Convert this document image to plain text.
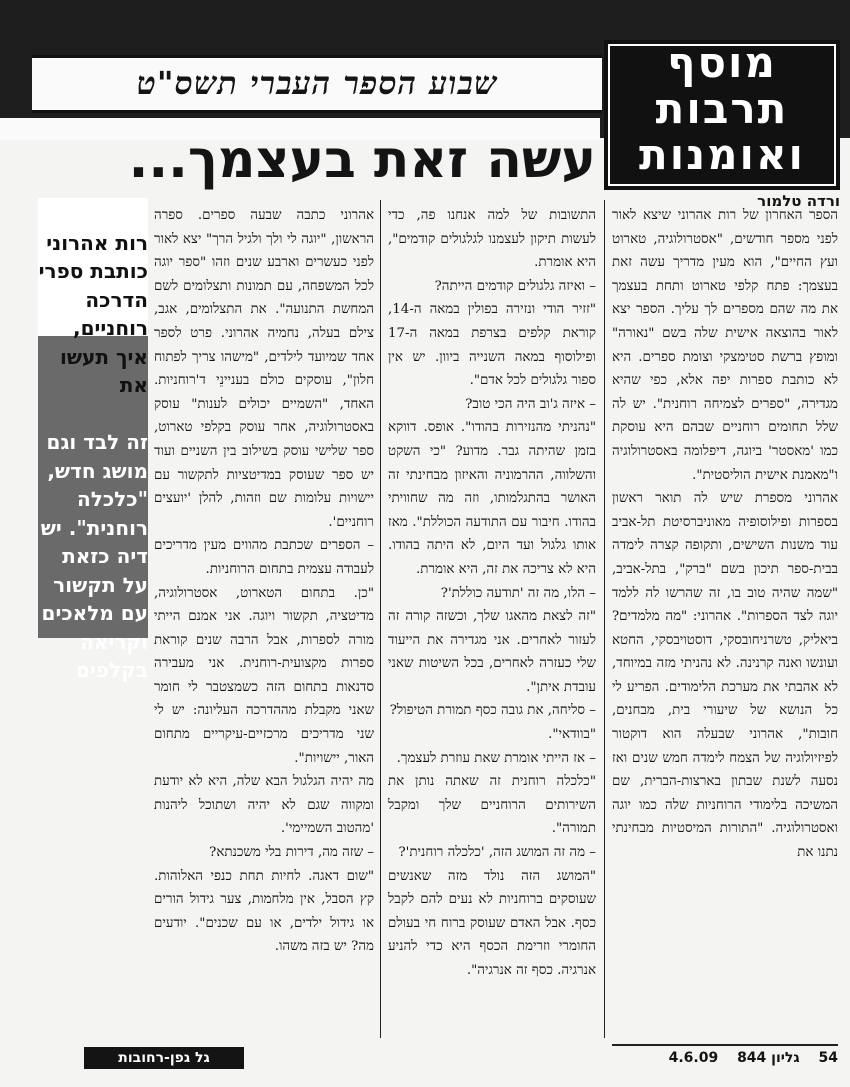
שבוע הספר העברי תשס"ט	מוסף
תרבות
ואומנות
עשה זאת בעצמך...
ורדה טלמור
הספר האחרון של רות אהרוני שיצא לאור לפני מספר חודשים, "אסטרולוגיה, טארוט ועץ החיים", הוא מעין מדריך עשה זאת בעצמך: פתח קלפי טארוט ותחת בעצמך את מה שהם מספרים לך עליך. הספר יצא לאור בהוצאה אישית שלה בשם "נאורה" ומופץ ברשת סטימצקי וצומת ספרים. היא לא כותבת ספרות יפה אלא, כפי שהיא מגדירה, "ספרים לצמיחה רוחנית". יש לה שלל תחומים רוחניים שבהם היא עוסקת כמו 'מאסטר' ביוגה, דיפלומה באסטרולוגיה ו"מאמנת אישית הוליסטית".
אהרוני מספרת שיש לה תואר ראשון בספרות ופילוסופיה מאוניברסיטת תל-אביב עוד משנות השישים, ותקופה קצרה לימדה בבית-ספר תיכון בשם "ברק", בתל-אביב, "שמה שהיה טוב בו, זה שהרשו לה ללמד יוגה לצד הספרות". אהרוני: "מה מלמדים? ביאליק, טשרניחובסקי, דוסטויבסקי, החטא ועונשו ואנה קרנינה. לא נהניתי מזה במיוחד, לא אהבתי את מערכת הלימודים. הפריע לי כל הנושא של שיעורי בית, מבחנים, חובות", אהרוני שבעלה הוא דוקטור לפיזיולוגיה של הצמח לימדה חמש שנים ואז נסעה לשנת שבתון בארצות-הברית, שם המשיכה בלימודי הרוחניות שלה כמו יוגה ואסטרולוגיה. "התורות המיסטיות מבחינתי נתנו את
התשובות של למה אנחנו פה, כדי לעשות תיקון לעצמנו לגלגולים קודמים", היא אומרת.
– ואיזה גלגולים קודמים הייתה?
"זזיר הודי ונזירה בפולין במאה ה-14, קוראת קלפים בצרפת במאה ה-17 ופילוסוף במאה השנייה ביוון. יש אין ספור גלגולים לכל אדם".
– איזה ג'וב היה הכי טוב?
"נהניתי מהנזירות בהודו". אופס. דווקא בזמן שהיתה גבר. מדוע? "כי השקט והשלווה, ההרמוניה והאיזון מבחינתי זה האושר בהתגלמותו, וזה מה שחוויתי בהודו. חיבור עם התודעה הכוללת". מאז אותו גלגול ועד היום, לא היתה בהודו. היא לא צריכה את זה, היא אומרת.
– הלו, מה זה 'תודעה כוללת'?
"זה לצאת מהאגו שלך, וכשזה קורה זה לעזור לאחרים. אני מגדירה את הייעוד שלי כעזרה לאחרים, בכל השיטות שאני עובדת איתן".
– סליחה, את גובה כסף תמורת הטיפול?
"בוודאי".
– אז הייתי אומרת שאת עוזרת לעצמך.
"כלכלה רוחנית זה שאתה נותן את השירותים הרוחניים שלך ומקבל תמורה".
– מה זה המושג הזה, 'כלכלה רוחנית'?
"המושג הזה נולד מזה שאנשים שעוסקים ברוחניות לא נעים להם לקבל כסף. אבל האדם שעוסק ברוח חי בעולם החומרי וזרימת הכסף היא כדי להניע אנרגיה. כסף זה אנרגיה".
אהרוני כתבה שבעה ספרים. ספרה הראשון, "יוגה לי ולך ולגיל הרך" יצא לאור לפני כעשרים וארבע שנים וזהו "ספר יוגה לכל המשפחה, עם תמונות ותצלומים לשם המחשת התנועה". את התצלומים, אגב, צילם בעלה, נחמיה אהרוני. פרט לספר אחד שמיועד לילדים, "מישהו צריך לפתוח חלון", עוסקים כולם בעניינֵי ד'רוחניות. האחד, "השמיים יכולים לענות" עוסק באסטרולוגיה, אחר עוסק בקלפי טארוט, ספר שלישי עוסק בשילוב בין השניים ועוד יש ספר שעוסק במדיטציות לתקשור עם יישויות עלומות שם וזהות, להלן 'יועצים רוחניים'.
– הספרים שכתבת מהווים מעין מדריכים לעבודה עצמית בתחום הרוחניות.
"כן. בתחום הטארוט, אסטרולוגיה, מדיטציה, תקשור ויוגה. אני אמנם הייתי מורה לספרות, אבל הרבה שנים קוראת ספרות מקצועית-רוחנית. אני מעבירה סדנאות בתחום הזה כשמצטבר לי חומר שאני מקבלת מההדרכה העליונה: יש לי שני מדריכים מרכזיים-עיקריים מתחום האור, יישויות".
מה יהיה הגלגול הבא שלה, היא לא יודעת ומקווה שגם לא יהיה ושתוכל ליהנות 'מהטוב השמיימי'.
– שזה מה, דירות בלי משכנתא?
"שום דאגה. לחיות תחת כנפי האלוהות. קץ הסבל, אין מלחמות, צער גידול הורים או גידול ילדים, או עם שכנים". יודעים מה? יש בזה משהו.

רות אהרוני כותבת ספרי הדרכה רוחניים, איך תעשו את

זה לבד וגם מושג חדש, "כלכלה רוחנית". יש דיה כזאת על תקשור עם מלאכים וקריאה בקלפים

54 גליון 844 4.6.09
גל גפן-רחובות
